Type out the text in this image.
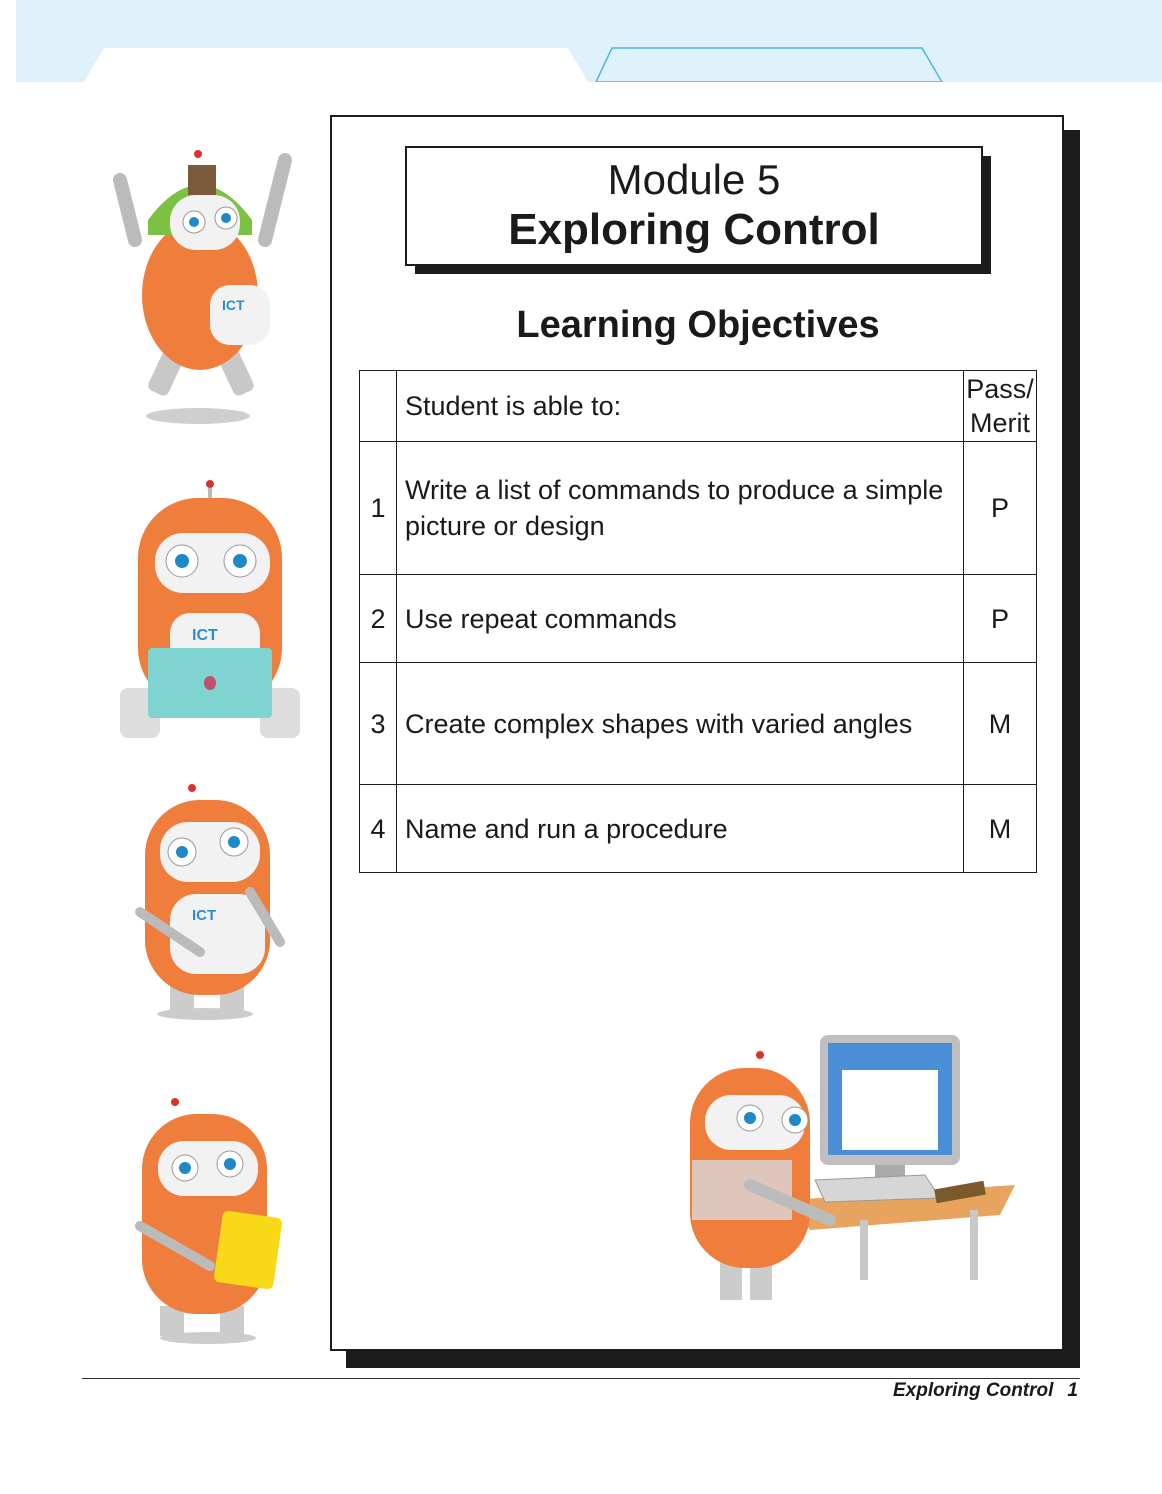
ICT
ICT
ICT
Module 5
Exploring Control
Learning Objectives
	Student is able to:	Pass/
Merit
1	Write a list of commands to produce a simple picture or design	P
2	Use repeat commands	P
3	Create complex shapes with varied angles	M
4	Name and run a procedure	M
Exploring Control 1
